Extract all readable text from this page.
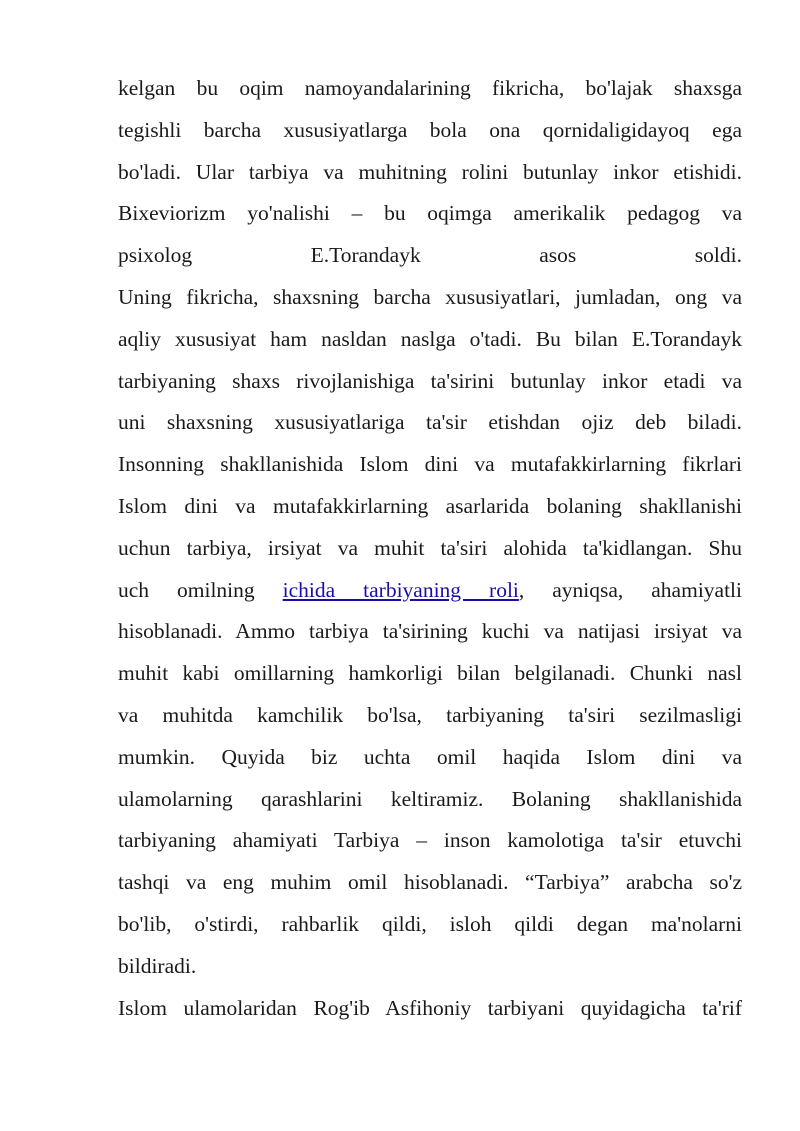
kelgan bu oqim namoyandalarining fikricha, bo'lajak shaxsga
tegishli barcha xususiyatlarga bola ona qornidaligidayoq ega
bo'ladi. Ular tarbiya va muhitning rolini butunlay inkor etishidi.
Bixeviorizm yo'nalishi – bu oqimga amerikalik pedagog va
psixolog E.Torandayk asos soldi.
Uning fikricha, shaxsning barcha xususiyatlari, jumladan, ong va
aqliy xususiyat ham nasldan naslga o'tadi. Bu bilan E.Torandayk
tarbiyaning shaxs rivojlanishiga ta'sirini butunlay inkor etadi va
uni shaxsning xususiyatlariga ta'sir etishdan ojiz deb biladi.
Insonning shakllanishida Islom dini va mutafakkirlarning fikrlari
Islom dini va mutafakkirlarning asarlarida bolaning shakllanishi
uchun tarbiya, irsiyat va muhit ta'siri alohida ta'kidlangan. Shu
uch omilning ichida tarbiyaning roli, ayniqsa, ahamiyatli
hisoblanadi. Ammo tarbiya ta'sirining kuchi va natijasi irsiyat va
muhit kabi omillarning hamkorligi bilan belgilanadi. Chunki nasl
va muhitda kamchilik bo'lsa, tarbiyaning ta'siri sezilmasligi
mumkin. Quyida biz uchta omil haqida Islom dini va
ulamolarning qarashlarini keltiramiz. Bolaning shakllanishida
tarbiyaning ahamiyati Tarbiya – inson kamolotiga ta'sir etuvchi
tashqi va eng muhim omil hisoblanadi. “Tarbiya” arabcha so'z
bo'lib, o'stirdi, rahbarlik qildi, isloh qildi degan ma'nolarni
bildiradi.
Islom ulamolaridan Rog'ib Asfihoniy tarbiyani quyidagicha ta'rif
